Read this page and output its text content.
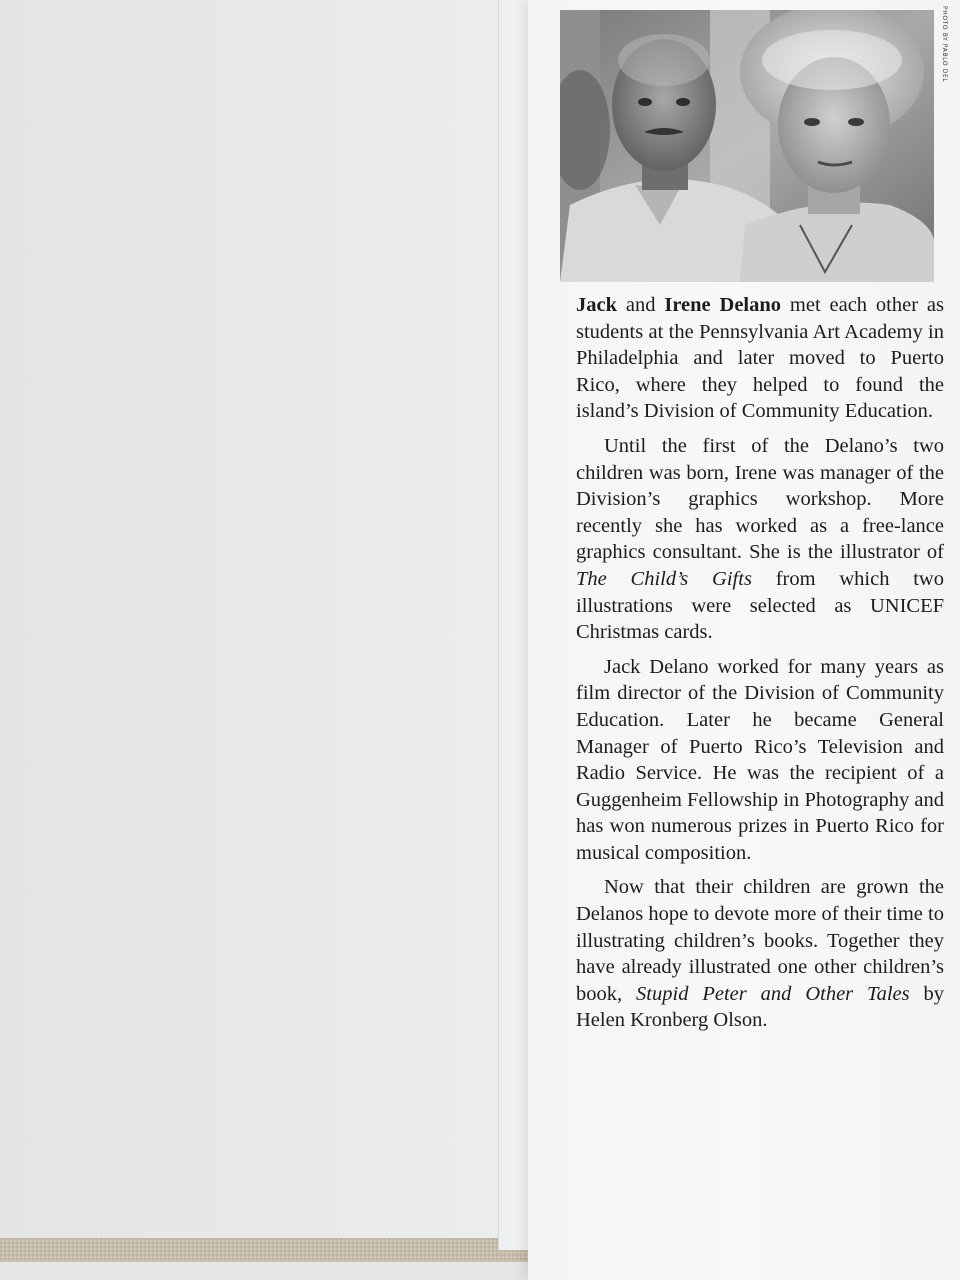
PHOTO BY PABLO DEL

Jack and Irene Delano met each other as students at the Pennsylvania Art Academy in Philadelphia and later moved to Puerto Rico, where they helped to found the island’s Division of Community Education.

Until the first of the Delano’s two children was born, Irene was manager of the Division’s graphics workshop. More recently she has worked as a free-lance graphics consultant. She is the illustrator of The Child’s Gifts from which two illustrations were selected as UNICEF Christmas cards.

Jack Delano worked for many years as film director of the Division of Community Education. Later he became General Manager of Puerto Rico’s Television and Radio Service. He was the recipient of a Guggenheim Fellowship in Photography and has won numerous prizes in Puerto Rico for musical composition.

Now that their children are grown the Delanos hope to devote more of their time to illustrating children’s books. Together they have already illustrated one other children’s book, Stupid Peter and Other Tales by Helen Kronberg Olson.
